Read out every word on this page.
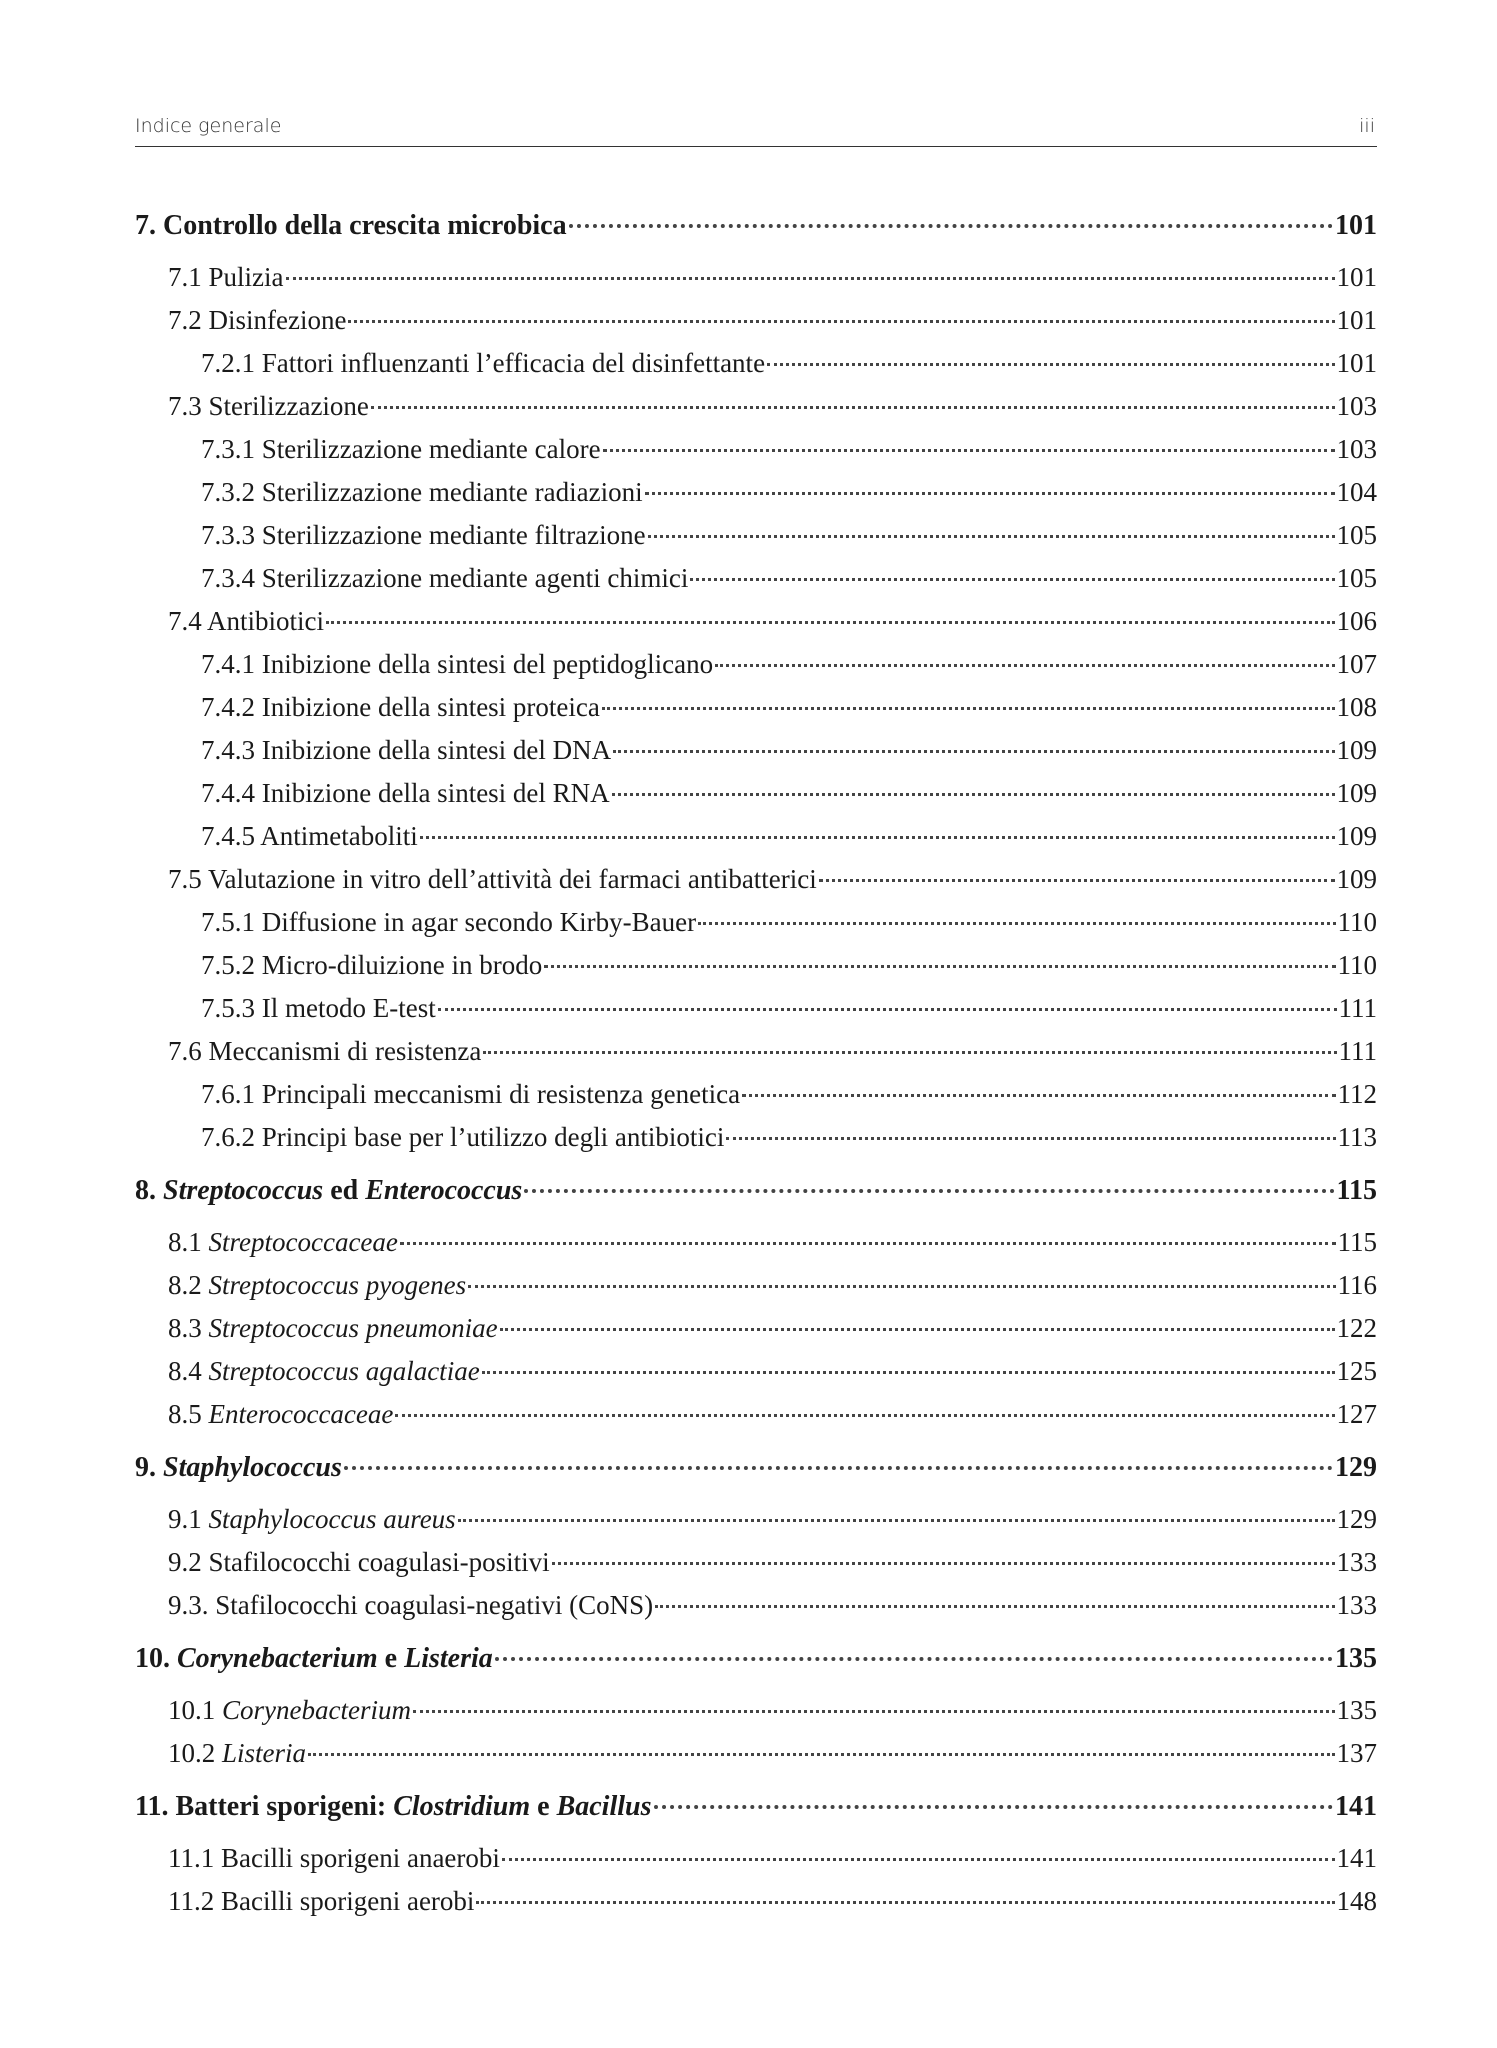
Indice generale	iii
7. Controllo della crescita microbica	101
7.1 Pulizia	101
7.2 Disinfezione	101
7.2.1 Fattori influenzanti l’efficacia del disinfettante	101
7.3 Sterilizzazione	103
7.3.1 Sterilizzazione mediante calore	103
7.3.2 Sterilizzazione mediante radiazioni	104
7.3.3 Sterilizzazione mediante filtrazione	105
7.3.4 Sterilizzazione mediante agenti chimici	105
7.4 Antibiotici	106
7.4.1 Inibizione della sintesi del peptidoglicano	107
7.4.2 Inibizione della sintesi proteica	108
7.4.3 Inibizione della sintesi del DNA	109
7.4.4 Inibizione della sintesi del RNA	109
7.4.5 Antimetaboliti	109
7.5 Valutazione in vitro dell’attività dei farmaci antibatterici	109
7.5.1 Diffusione in agar secondo Kirby-Bauer	110
7.5.2 Micro-diluizione in brodo	110
7.5.3 Il metodo E-test	111
7.6 Meccanismi di resistenza	111
7.6.1 Principali meccanismi di resistenza genetica	112
7.6.2 Principi base per l’utilizzo degli antibiotici	113
8. Streptococcus ed Enterococcus	115
8.1 Streptococcaceae	115
8.2 Streptococcus pyogenes	116
8.3 Streptococcus pneumoniae	122
8.4 Streptococcus agalactiae	125
8.5 Enterococcaceae	127
9. Staphylococcus	129
9.1 Staphylococcus aureus	129
9.2 Stafilococchi coagulasi-positivi	133
9.3. Stafilococchi coagulasi-negativi (CoNS)	133
10. Corynebacterium e Listeria	135
10.1 Corynebacterium	135
10.2 Listeria	137
11. Batteri sporigeni: Clostridium e Bacillus	141
11.1 Bacilli sporigeni anaerobi	141
11.2 Bacilli sporigeni aerobi	148
